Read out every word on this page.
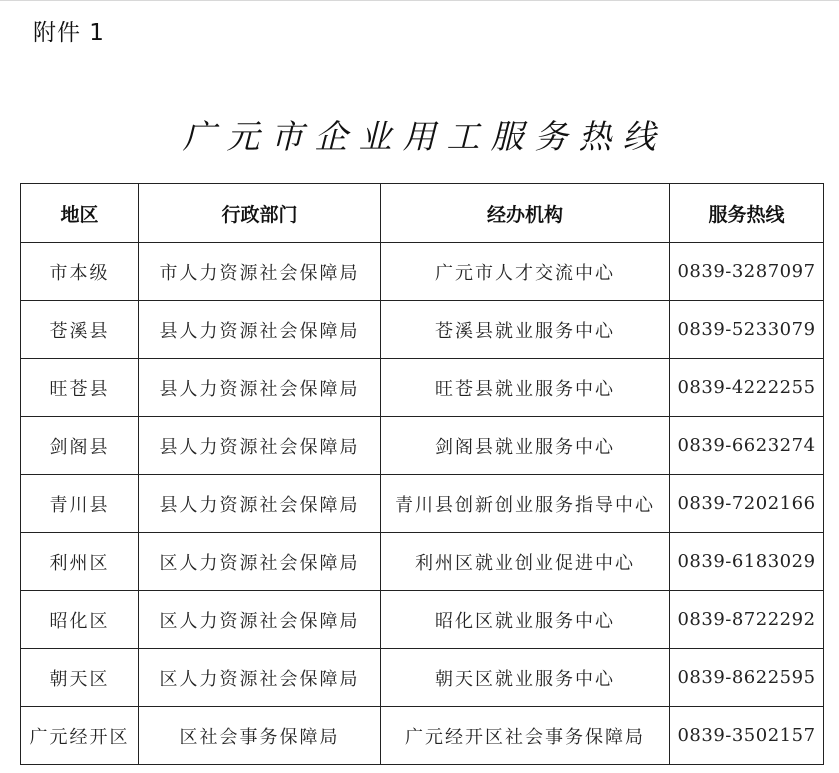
附件 1
广元市企业用工服务热线
地区	行政部门	经办机构	服务热线
市本级	市人力资源社会保障局	广元市人才交流中心	0839-3287097
苍溪县	县人力资源社会保障局	苍溪县就业服务中心	0839-5233079
旺苍县	县人力资源社会保障局	旺苍县就业服务中心	0839-4222255
剑阁县	县人力资源社会保障局	剑阁县就业服务中心	0839-6623274
青川县	县人力资源社会保障局	青川县创新创业服务指导中心	0839-7202166
利州区	区人力资源社会保障局	利州区就业创业促进中心	0839-6183029
昭化区	区人力资源社会保障局	昭化区就业服务中心	0839-8722292
朝天区	区人力资源社会保障局	朝天区就业服务中心	0839-8622595
广元经开区	区社会事务保障局	广元经开区社会事务保障局	0839-3502157
